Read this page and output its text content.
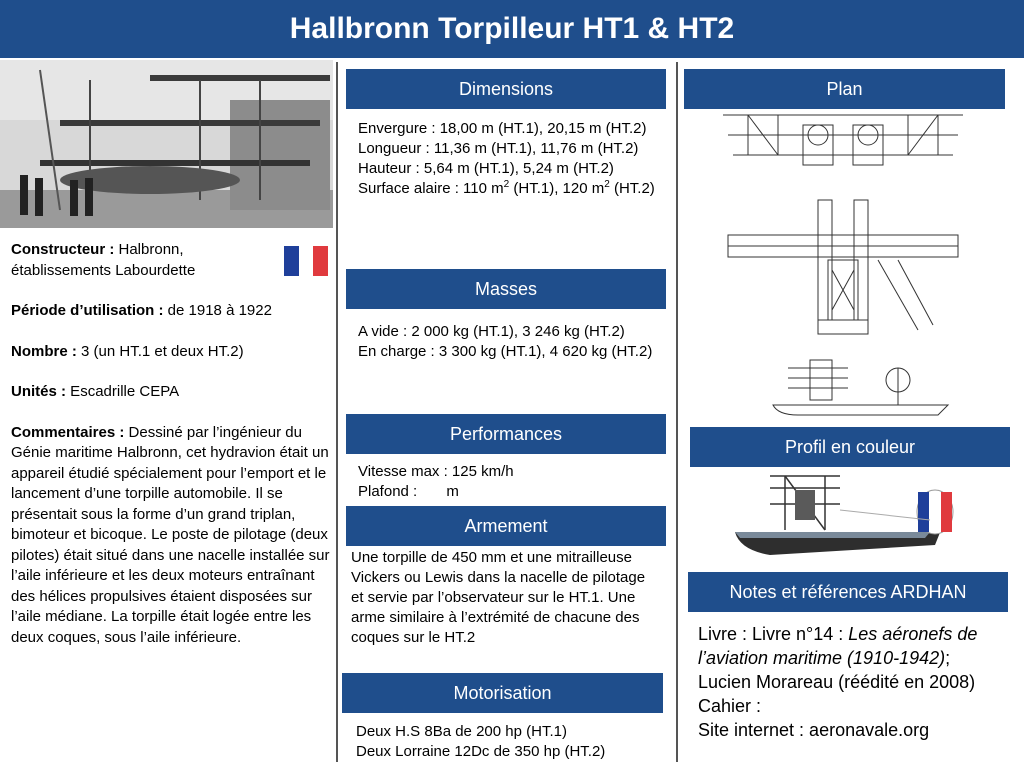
Hallbronn Torpilleur HT1 & HT2

Constructeur : Halbronn, établissements Labourdette

Période d’utilisation : de 1918 à 1922

Nombre : 3 (un HT.1 et deux HT.2)

Unités : Escadrille CEPA

Commentaires : Dessiné par l’ingénieur du Génie maritime Halbronn, cet hydravion était un appareil étudié spécialement pour l’emport et le lancement d’une torpille automobile. Il se présentait sous la forme d’un grand triplan, bimoteur et bicoque. Le poste de pilotage (deux pilotes) était situé dans une nacelle installée sur l’aile inférieure et les deux moteurs entraînant des hélices propulsives étaient disposées sur l’aile médiane. La torpille était logée entre les deux coques, sous l’aile inférieure.

Dimensions
Envergure : 18,00 m (HT.1), 20,15 m (HT.2)
Longueur : 11,36 m (HT.1), 11,76 m (HT.2)
Hauteur : 5,64 m (HT.1), 5,24 m (HT.2)
Surface alaire : 110 $m^2$ (HT.1), 120 $m^2$ (HT.2)
Masses
A vide : 2 000 kg (HT.1), 3 246 kg (HT.2)
En charge : 3 300 kg (HT.1), 4 620 kg (HT.2)
Performances
Vitesse max : 125 km/h
Plafond :       m
Armement
Une torpille de 450 mm et une mitrailleuse Vickers ou Lewis dans la nacelle de pilotage et servie par l’observateur sur le HT.1. Une arme similaire à l’extrémité de chacune des coques sur le HT.2
Motorisation
Deux H.S 8Ba de 200 hp (HT.1)
Deux Lorraine 12Dc de 350 hp (HT.2)
Plan
Profil en couleur
Notes et références ARDHAN

Livre : Livre n°14 : Les aéronefs de l’aviation maritime (1910-1942); Lucien Morareau (réédité en 2008)

Cahier :

Site internet : aeronavale.org
